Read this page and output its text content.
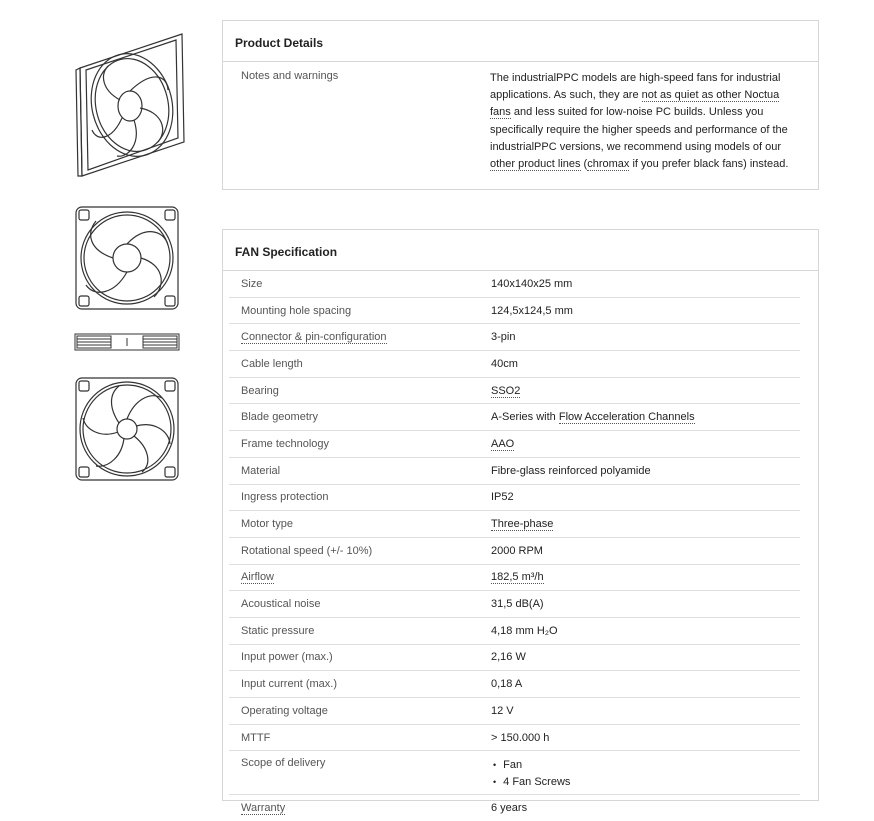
Product Details
Notes and warnings	The industrialPPC models are high-speed fans for industrial applications. As such, they are not as quiet as other Noctua fans and less suited for low-noise PC builds. Unless you specifically require the higher speeds and performance of the industrialPPC versions, we recommend using models of our other product lines (chromax if you prefer black fans) instead.
FAN Specification
Size	140x140x25 mm
Mounting hole spacing	124,5x124,5 mm
Connector & pin-configuration	3-pin
Cable length	40cm
Bearing	SSO2
Blade geometry	A-Series with Flow Acceleration Channels
Frame technology	AAO
Material	Fibre-glass reinforced polyamide
Ingress protection	IP52
Motor type	Three-phase
Rotational speed (+/- 10%)	2000 RPM
Airflow	182,5 m³/h
Acoustical noise	31,5 dB(A)
Static pressure	4,18 mm H₂O
Input power (max.)	2,16 W
Input current (max.)	0,18 A
Operating voltage	12 V
MTTF	> 150.000 h
Scope of delivery
•	Fan
• 4 Fan Screws
Warranty	6 years
